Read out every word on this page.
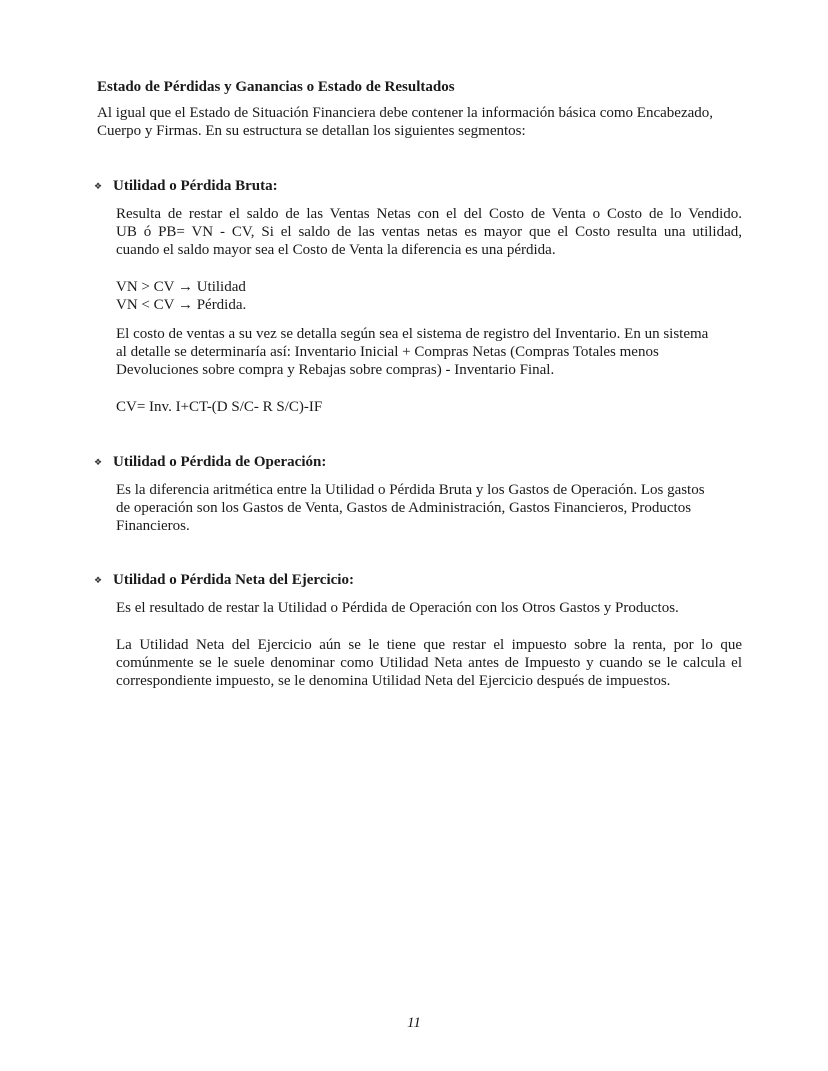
Estado de Pérdidas y Ganancias o Estado de Resultados
Al igual que el Estado de Situación Financiera debe contener la información básica como Encabezado,
Cuerpo y Firmas. En su estructura se detallan los siguientes segmentos:
❖ Utilidad o Pérdida Bruta:
Resulta de restar el saldo de las Ventas Netas con el del Costo de Venta o Costo de lo Vendido.
UB ó PB= VN - CV, Si el saldo de las ventas netas es mayor que el Costo resulta una utilidad,
cuando el saldo mayor sea el Costo de Venta la diferencia es una pérdida.
VN > CV → Utilidad
VN < CV → Pérdida.
El costo de ventas a su vez se detalla según sea el sistema de registro del Inventario. En un sistema
al detalle se determinaría así: Inventario Inicial + Compras Netas (Compras Totales menos
Devoluciones sobre compra y Rebajas sobre compras) - Inventario Final.
CV= Inv. I+CT-(D S/C- R S/C)-IF
❖ Utilidad o Pérdida de Operación:
Es la diferencia aritmética entre la Utilidad o Pérdida Bruta y los Gastos de Operación. Los gastos
de operación son los Gastos de Venta, Gastos de Administración, Gastos Financieros, Productos
Financieros.
❖ Utilidad o Pérdida Neta del Ejercicio:
Es el resultado de restar la Utilidad o Pérdida de Operación con los Otros Gastos y Productos.
La Utilidad Neta del Ejercicio aún se le tiene que restar el impuesto sobre la renta, por lo que
comúnmente se le suele denominar como Utilidad Neta antes de Impuesto y cuando se le calcula el
correspondiente impuesto, se le denomina Utilidad Neta del Ejercicio después de impuestos.
11
